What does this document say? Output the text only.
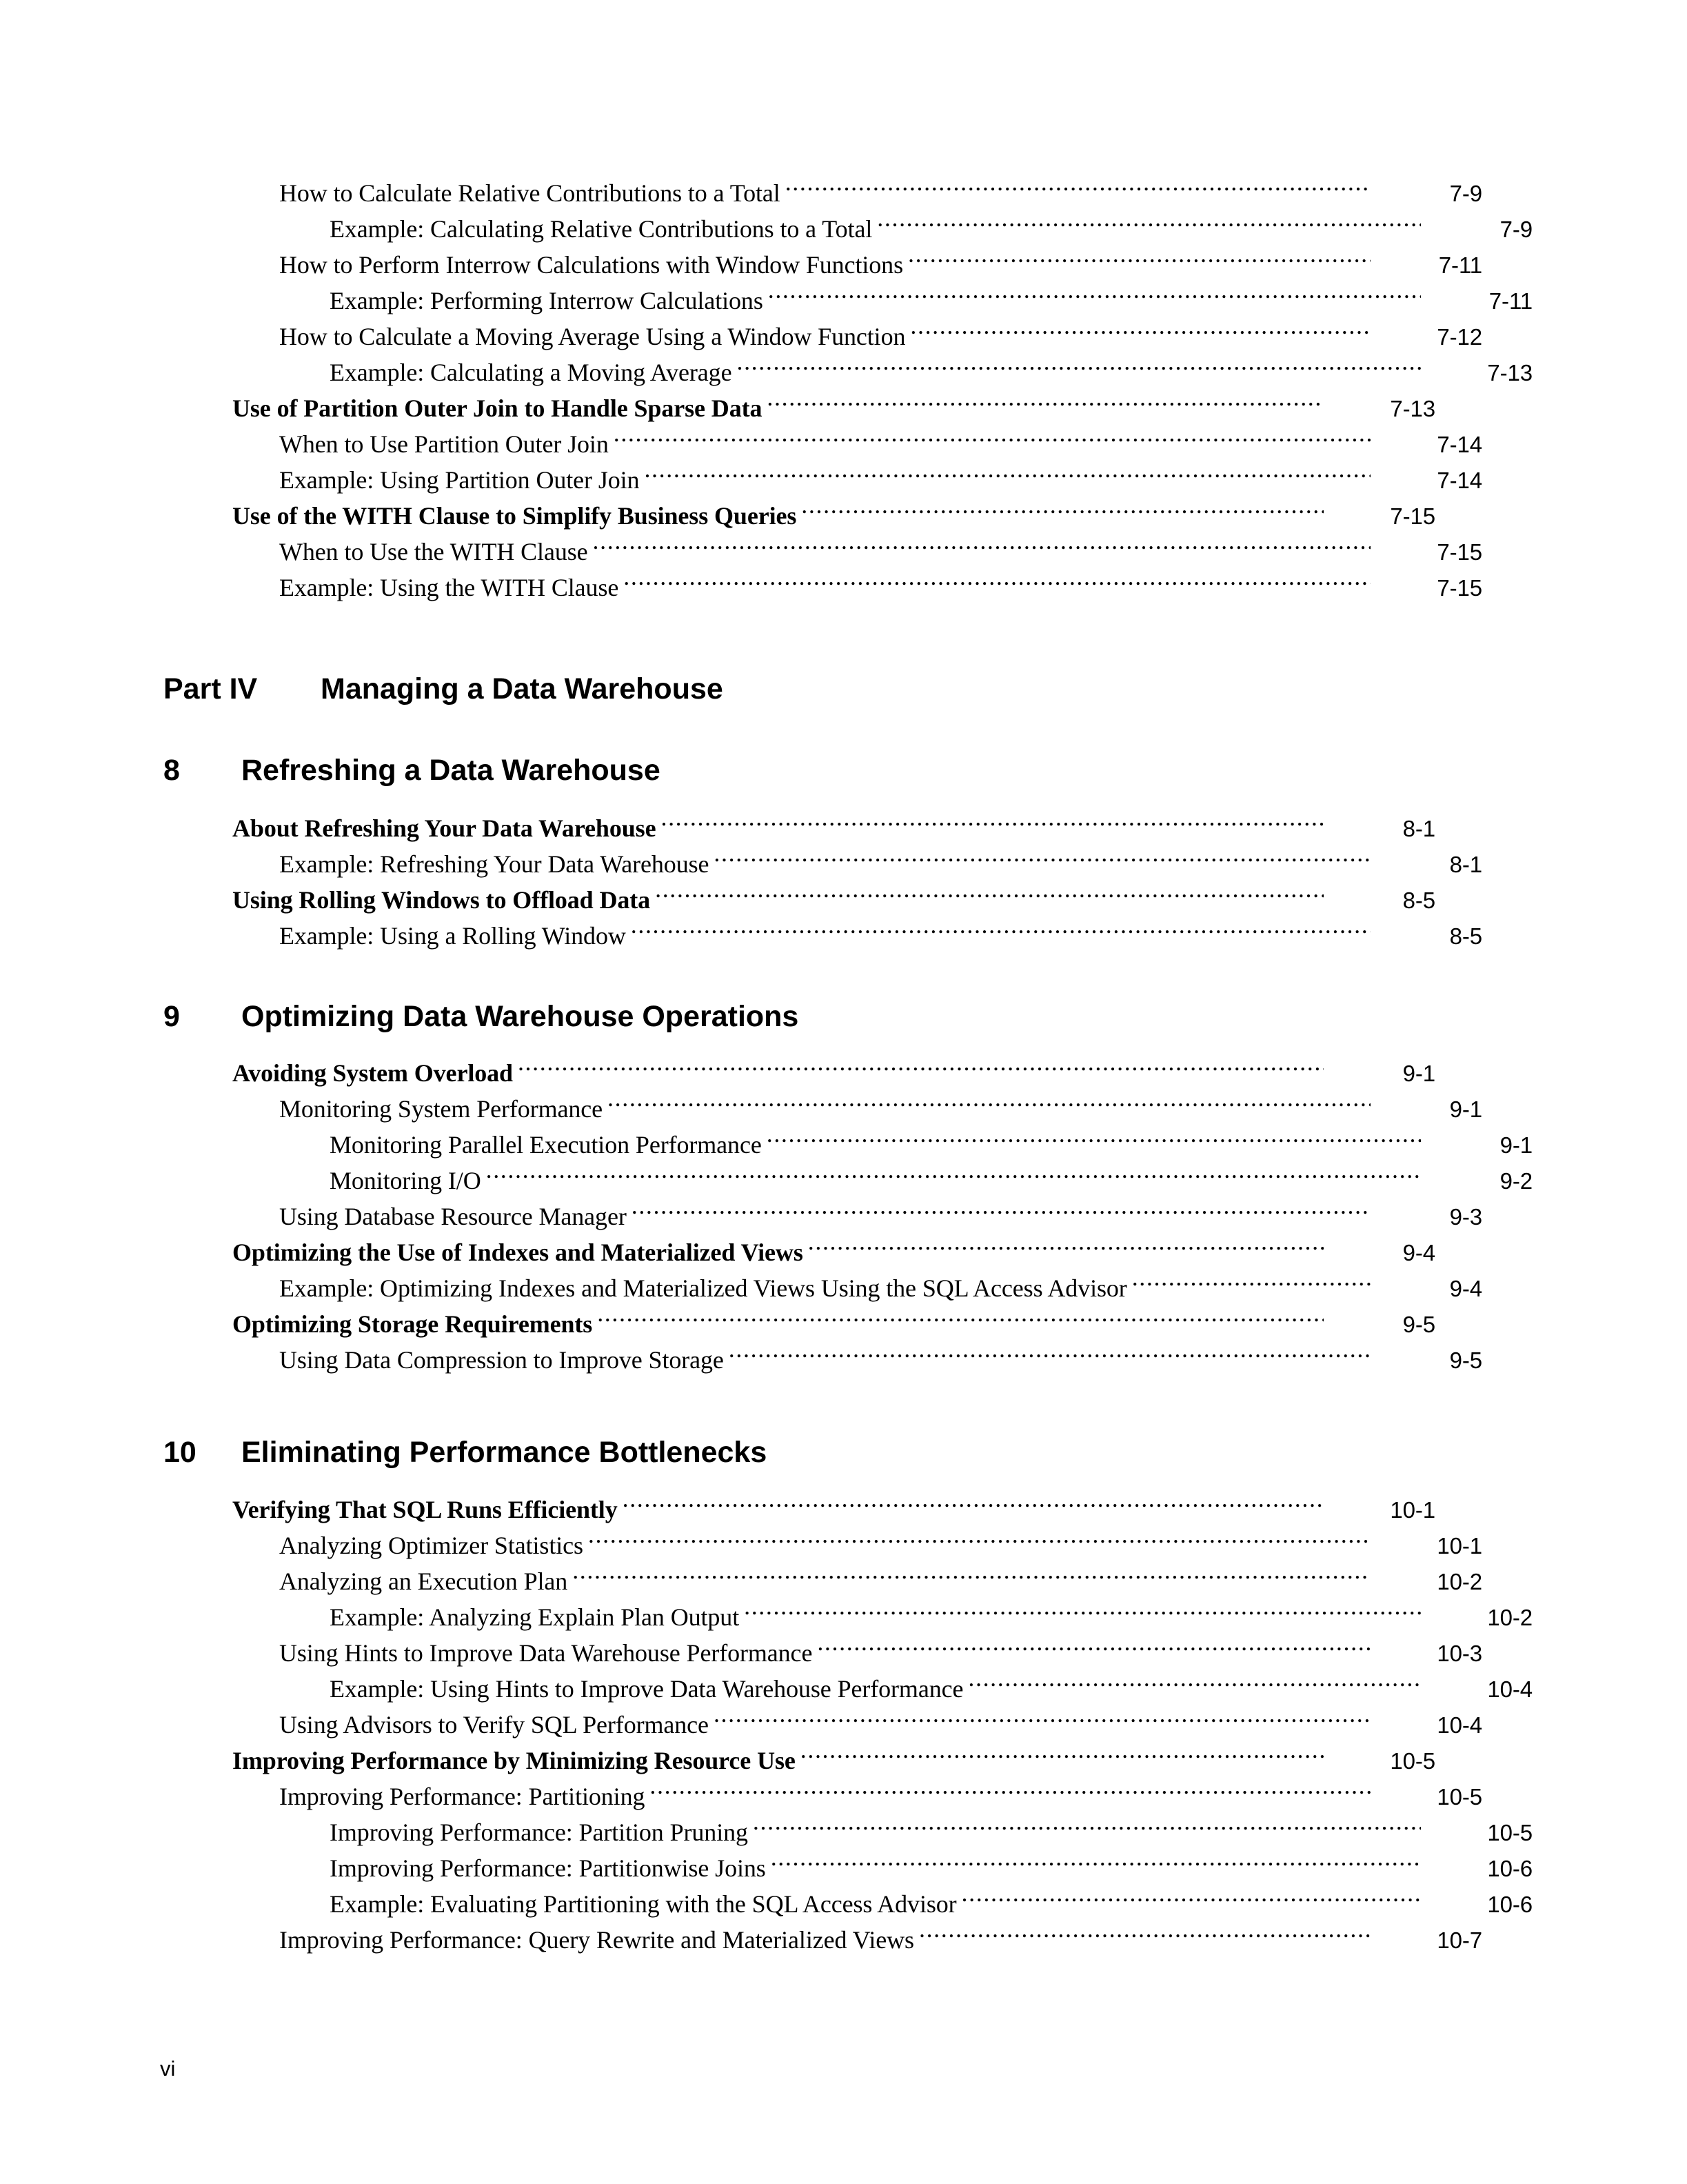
How to Calculate Relative Contributions to a Total .....	7-9
Example: Calculating Relative Contributions to a Total .....	7-9
How to Perform Interrow Calculations with Window Functions .....	7-11
Example: Performing Interrow Calculations .....	7-11
How to Calculate a Moving Average Using a Window Function .....	7-12
Example: Calculating a Moving Average .....	7-13
Use of Partition Outer Join to Handle Sparse Data .....	7-13
When to Use Partition Outer Join .....	7-14
Example: Using Partition Outer Join .....	7-14
Use of the WITH Clause to Simplify Business Queries .....	7-15
When to Use the WITH Clause .....	7-15
Example: Using the WITH Clause .....	7-15
Part IV	Managing a Data Warehouse
8	Refreshing a Data Warehouse
About Refreshing Your Data Warehouse .....	8-1
Example: Refreshing Your Data Warehouse .....	8-1
Using Rolling Windows to Offload Data .....	8-5
Example: Using a Rolling Window .....	8-5
9	Optimizing Data Warehouse Operations
Avoiding System Overload .....	9-1
Monitoring System Performance .....	9-1
Monitoring Parallel Execution Performance .....	9-1
Monitoring I/O .....	9-2
Using Database Resource Manager .....	9-3
Optimizing the Use of Indexes and Materialized Views .....	9-4
Example: Optimizing Indexes and Materialized Views Using the SQL Access Advisor .....	9-4
Optimizing Storage Requirements .....	9-5
Using Data Compression to Improve Storage .....	9-5
10	Eliminating Performance Bottlenecks
Verifying That SQL Runs Efficiently .....	10-1
Analyzing Optimizer Statistics .....	10-1
Analyzing an Execution Plan .....	10-2
Example: Analyzing Explain Plan Output .....	10-2
Using Hints to Improve Data Warehouse Performance .....	10-3
Example: Using Hints to Improve Data Warehouse Performance .....	10-4
Using Advisors to Verify SQL Performance .....	10-4
Improving Performance by Minimizing Resource Use .....	10-5
Improving Performance: Partitioning .....	10-5
Improving Performance: Partition Pruning .....	10-5
Improving Performance: Partitionwise Joins .....	10-6
Example: Evaluating Partitioning with the SQL Access Advisor .....	10-6
Improving Performance: Query Rewrite and Materialized Views .....	10-7
vi
